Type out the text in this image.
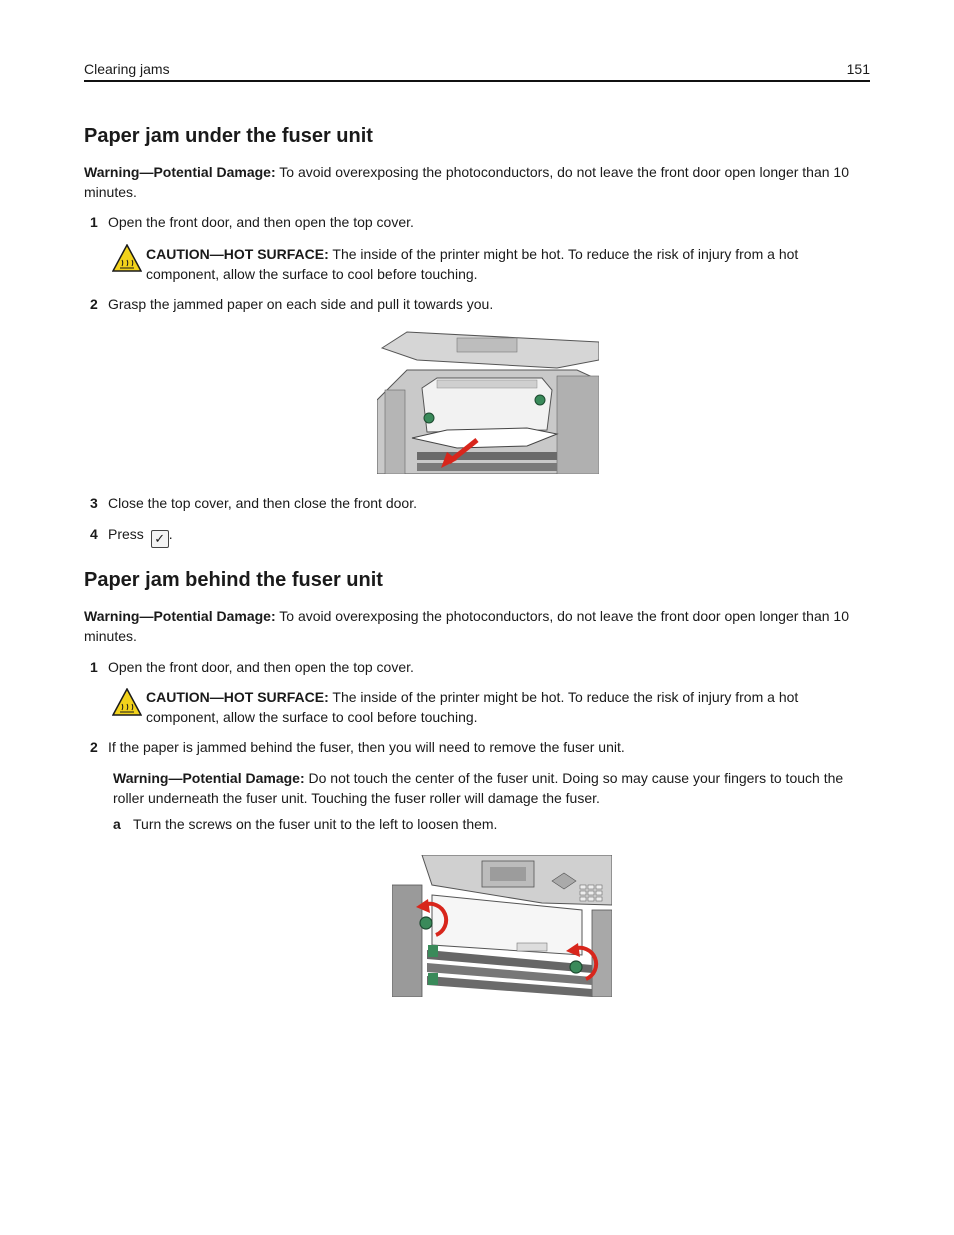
Clearing jams	151
Paper jam under the fuser unit
Warning—Potential Damage: To avoid overexposing the photoconductors, do not leave the front door open longer than 10 minutes.
1 Open the front door, and then open the top cover.
CAUTION—HOT SURFACE: The inside of the printer might be hot. To reduce the risk of injury from a hot component, allow the surface to cool before touching.
2 Grasp the jammed paper on each side and pull it towards you.
3 Close the top cover, and then close the front door.
4 Press ✓ .
Paper jam behind the fuser unit
Warning—Potential Damage: To avoid overexposing the photoconductors, do not leave the front door open longer than 10 minutes.
1 Open the front door, and then open the top cover.
CAUTION—HOT SURFACE: The inside of the printer might be hot. To reduce the risk of injury from a hot component, allow the surface to cool before touching.
2 If the paper is jammed behind the fuser, then you will need to remove the fuser unit.
Warning—Potential Damage: Do not touch the center of the fuser unit. Doing so may cause your fingers to touch the roller underneath the fuser unit. Touching the fuser roller will damage the fuser.
a Turn the screws on the fuser unit to the left to loosen them.
